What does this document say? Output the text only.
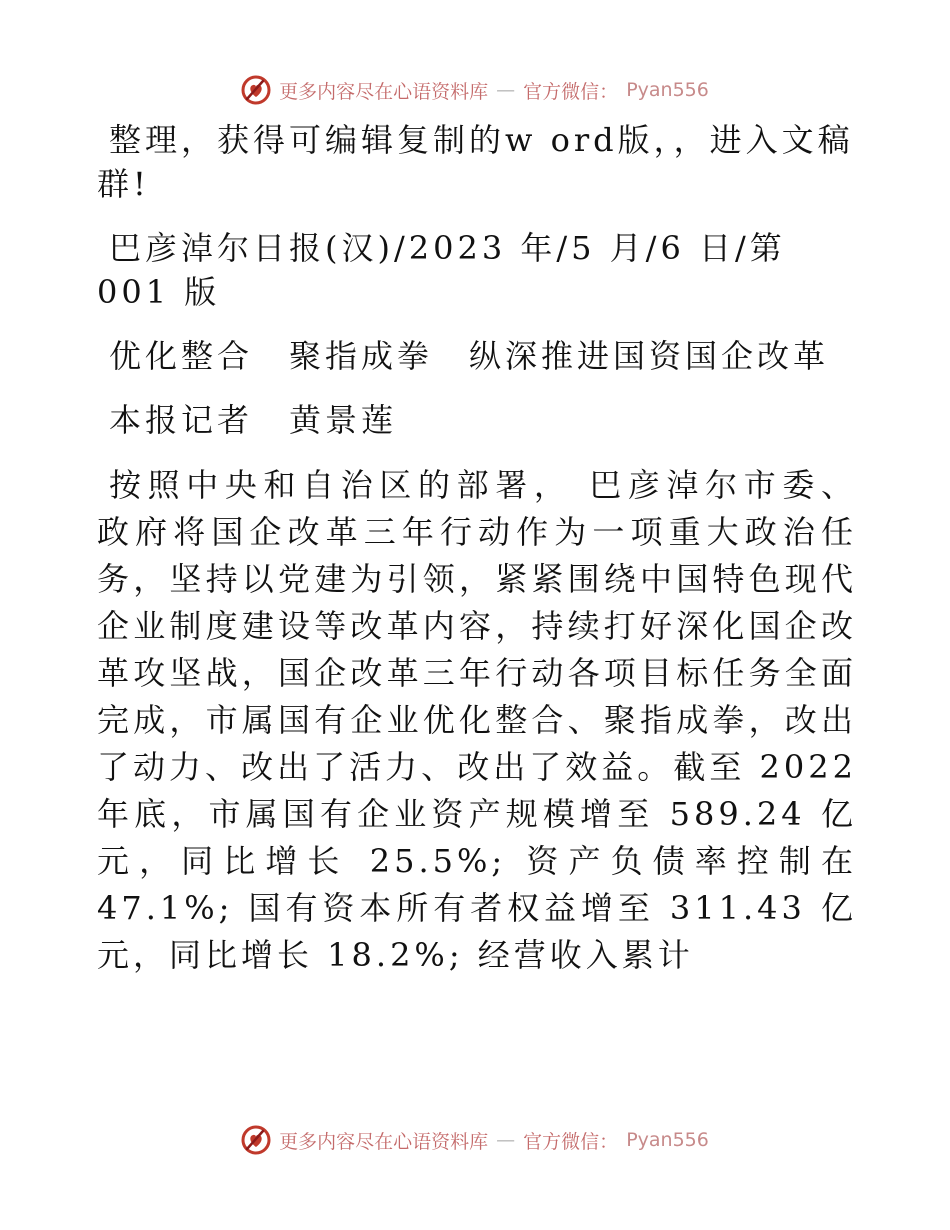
更多内容尽在心语资料库 — 官方微信： Pyan556

整理，获得可编辑复制的w ord版，，进入文稿群!

巴彦淖尔日报(汉)/2023 年/5 月/6 日/第 001 版

优化整合　聚指成拳　纵深推进国资国企改革

本报记者　黄景莲

按照中央和自治区的部署， 巴彦淖尔市委、 政府将国企改革三年行动作为一项重大政治任务，坚持以党建为引领，紧紧围绕中国特色现代企业制度建设等改革内容，持续打好深化国企改革攻坚战，国企改革三年行动各项目标任务全面完成，市属国有企业优化整合、聚指成拳，改出了动力、改出了活力、改出了效益。截至 2022 年底，市属国有企业资产规模增至 589.24 亿元，同比增长 25.5%; 资产负债率控制在 47.1%; 国有资本所有者权益增至 311.43 亿元，同比增长 18.2%; 经营收入累计

更多内容尽在心语资料库 — 官方微信： Pyan556
